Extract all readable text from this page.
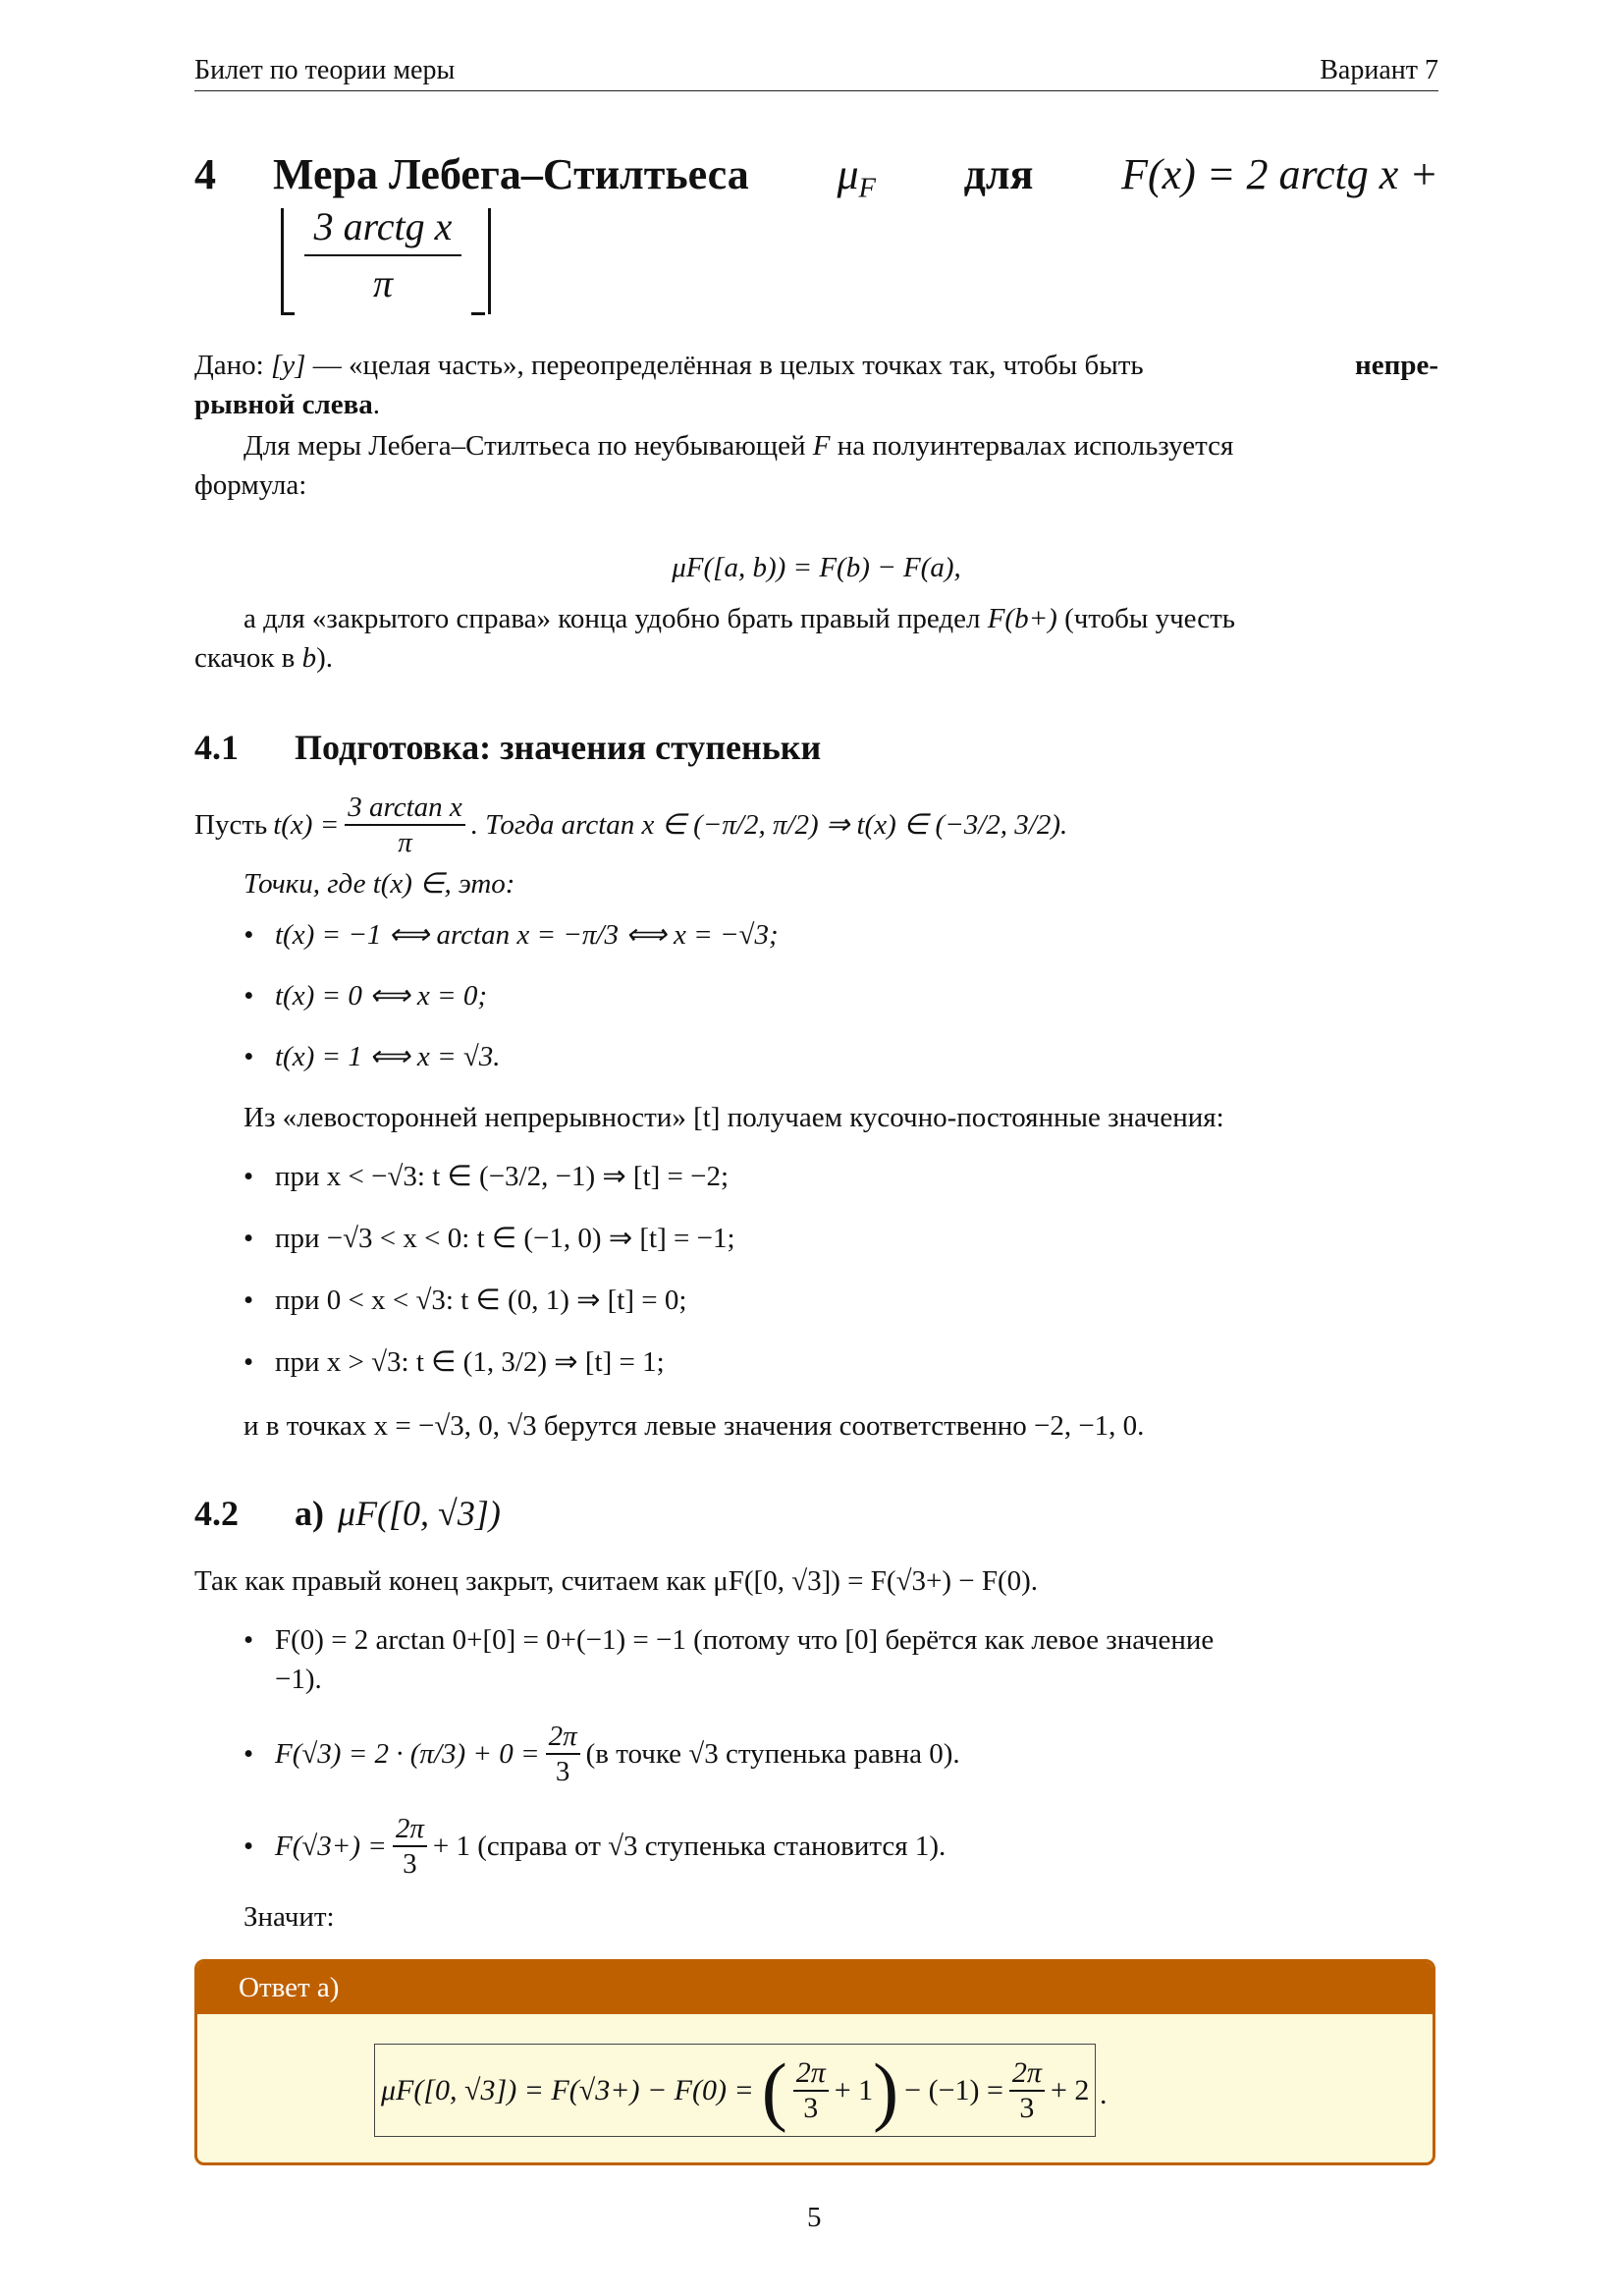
Билет по теории меры	Вариант 7
4 Мера Лебега–Стилтьеса $\mu_F$ для F(x) = 2 arctg x +
3 arctg x
π
Дано: [y] — «целая часть», переопределённая в целых точках так, чтобы быть	непре-
рывной слева.
Для меры Лебега–Стилтьеса по неубывающей F на полуинтервалах используется
формула:
μF([a, b)) = F(b) − F(a),
а для «закрытого справа» конца удобно брать правый предел F(b+) (чтобы учесть
скачок в b).
4.1 Подготовка: значения ступеньки
Пусть t(x) =
3 arctan x
π
. Тогда arctan x ∈ (−π/2, π/2) ⇒ t(x) ∈ (−3/2, 3/2).
Точки, где t(x) ∈, это:
• t(x) = −1 ⟺ arctan x = −π/3 ⟺ x = −√3;
• t(x) = 0 ⟺ x = 0;
• t(x) = 1 ⟺ x = √3.
Из «левосторонней непрерывности» [t] получаем кусочно-постоянные значения:
• при x < −√3: t ∈ (−3/2, −1) ⇒ [t] = −2;
• при −√3 < x < 0: t ∈ (−1, 0) ⇒ [t] = −1;
• при 0 < x < √3: t ∈ (0, 1) ⇒ [t] = 0;
• при x > √3: t ∈ (1, 3/2) ⇒ [t] = 1;
и в точках x = −√3, 0, √3 берутся левые значения соответственно −2, −1, 0.
4.2	а) μF([0, √3])
Так как правый конец закрыт, считаем как μF([0, √3]) = F(√3+) − F(0).
• F(0) = 2 arctan 0+[0] = 0+(−1) = −1 (потому что [0] берётся как левое значение
−1).
• F(√3) = 2 · (π/3) + 0 =
2π
3
(в точке √3 ступенька равна 0).
• F(√3+) =
2π
3
+ 1 (справа от √3 ступенька становится 1).
Значит:
Ответ а)
μF([0, √3]) = F(√3+) − F(0) = ( 2π
3
+ 1 ) − (−1) =
2π
3
+ 2 .
5
